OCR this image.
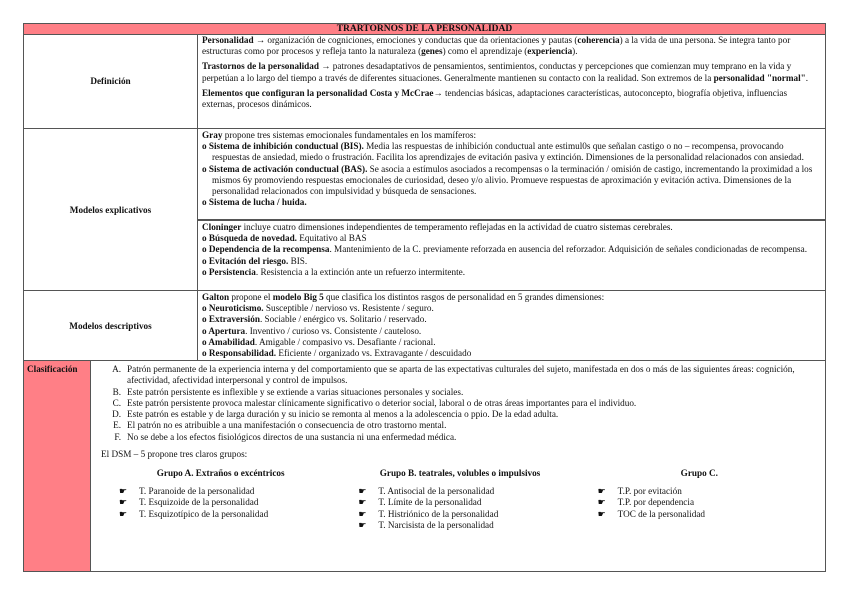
TRARTORNOS DE LA PERSONALIDAD
Definición

Personalidad → organización de cogniciones, emociones y conductas que da orientaciones y pautas (coherencia) a la vida de una persona. Se integra tanto por estructuras como por procesos y refleja tanto la naturaleza (genes) como el aprendizaje (experiencia).

Trastornos de la personalidad → patrones desadaptativos de pensamientos, sentimientos, conductas y percepciones que comienzan muy temprano en la vida y perpetúan a lo largo del tiempo a través de diferentes situaciones. Generalmente mantienen su contacto con la realidad. Son extremos de la personalidad "normal".

Elementos que configuran la personalidad Costa y McCrae→ tendencias básicas, adaptaciones características, autoconcepto, biografía objetiva, influencias externas, procesos dinámicos.

Modelos explicativos
Gray propone tres sistemas emocionales fundamentales en los mamíferos:
o Sistema de inhibición conductual (BIS). Media las respuestas de inhibición conductual ante estimul0s que señalan castigo o no – recompensa, provocando respuestas de ansiedad, miedo o frustración. Facilita los aprendizajes de evitación pasiva y extinción. Dimensiones de la personalidad relacionados con ansiedad.
o Sistema de activación conductual (BAS). Se asocia a estímulos asociados a recompensas o la terminación / omisión de castigo, incrementando la proximidad a los mismos 6y promoviendo respuestas emocionales de curiosidad, deseo y/o alivio. Promueve respuestas de aproximación y evitación activa. Dimensiones de la personalidad relacionados con impulsividad y búsqueda de sensaciones.
o Sistema de lucha / huida.
Cloninger incluye cuatro dimensiones independientes de temperamento reflejadas en la actividad de cuatro sistemas cerebrales.
o Búsqueda de novedad. Equitativo al BAS
o Dependencia de la recompensa. Mantenimiento de la C. previamente reforzada en ausencia del reforzador. Adquisición de señales condicionadas de recompensa.
o Evitación del riesgo. BIS.
o Persistencia. Resistencia a la extinción ante un refuerzo intermitente.
Modelos descriptivos
Galton propone el modelo Big 5 que clasifica los distintos rasgos de personalidad en 5 grandes dimensiones:
o Neuroticismo. Susceptible / nervioso vs. Resistente / seguro.
o Extraversión. Sociable / enérgico vs. Solitario / reservado.
o Apertura. Inventivo / curioso vs. Consistente / cauteloso.
o Amabilidad. Amigable / compasivo vs. Desafiante / racional.
o Responsabilidad. Eficiente / organizado vs. Extravagante / descuidado
Clasificación	A. Patrón permanente de la experiencia interna y del comportamiento que se aparta de las expectativas culturales del sujeto, manifestada en dos o más de las siguientes áreas: cognición, afectividad, afectividad interpersonal y control de impulsos.
B. Este patrón persistente es inflexible y se extiende a varias situaciones personales y sociales.
C. Este patrón persistente provoca malestar clínicamente significativo o deterior social, laboral o de otras áreas importantes para el individuo.
D. Este patrón es estable y de larga duración y su inicio se remonta al menos a la adolescencia o ppio. De la edad adulta.
E. El patrón no es atribuible a una manifestación o consecuencia de otro trastorno mental.
F. No se debe a los efectos fisiológicos directos de una sustancia ni una enfermedad médica.
El DSM – 5 propone tres claros grupos:
Grupo A. Extraños o excéntricos
☛ T. Paranoide de la personalidad
☛ T. Esquizoide de la personalidad
☛ T. Esquizotípico de la personalidad
Grupo B. teatrales, volubles o impulsivos
☛ T. Antisocial de la personalidad
☛ T. Límite de la personalidad
☛ T. Histriónico de la personalidad
☛ T. Narcisista de la personalidad
Grupo C.
☛ T.P. por evitación
☛ T.P. por dependencia
☛ TOC de la personalidad
